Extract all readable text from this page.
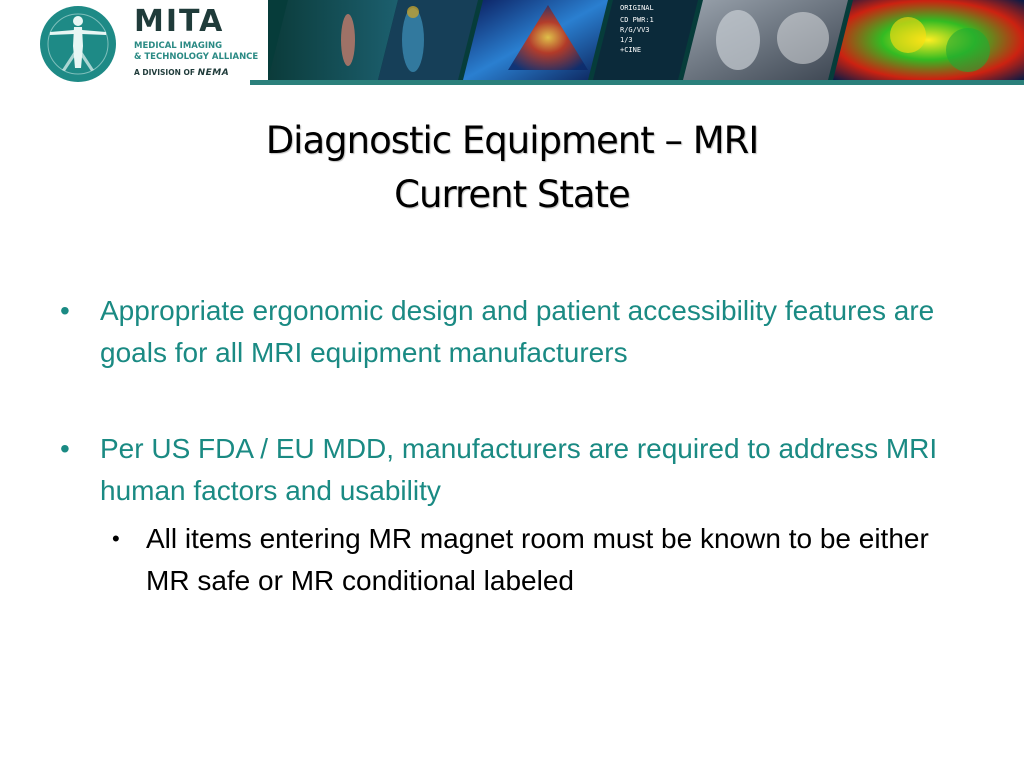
MITA
MEDICAL IMAGING
& TECHNOLOGY ALLIANCE
A DIVISION OF NEMA
ORIGINAL
CD PWR:1
R/G/VV3
1/3
+CINE
Diagnostic Equipment – MRI
Current State
• Appropriate ergonomic design and patient accessibility features are goals for all MRI equipment manufacturers
• Per US FDA / EU MDD, manufacturers are required to address MRI human factors and usability
• All items entering MR magnet room must be known to be either MR safe or MR conditional labeled
